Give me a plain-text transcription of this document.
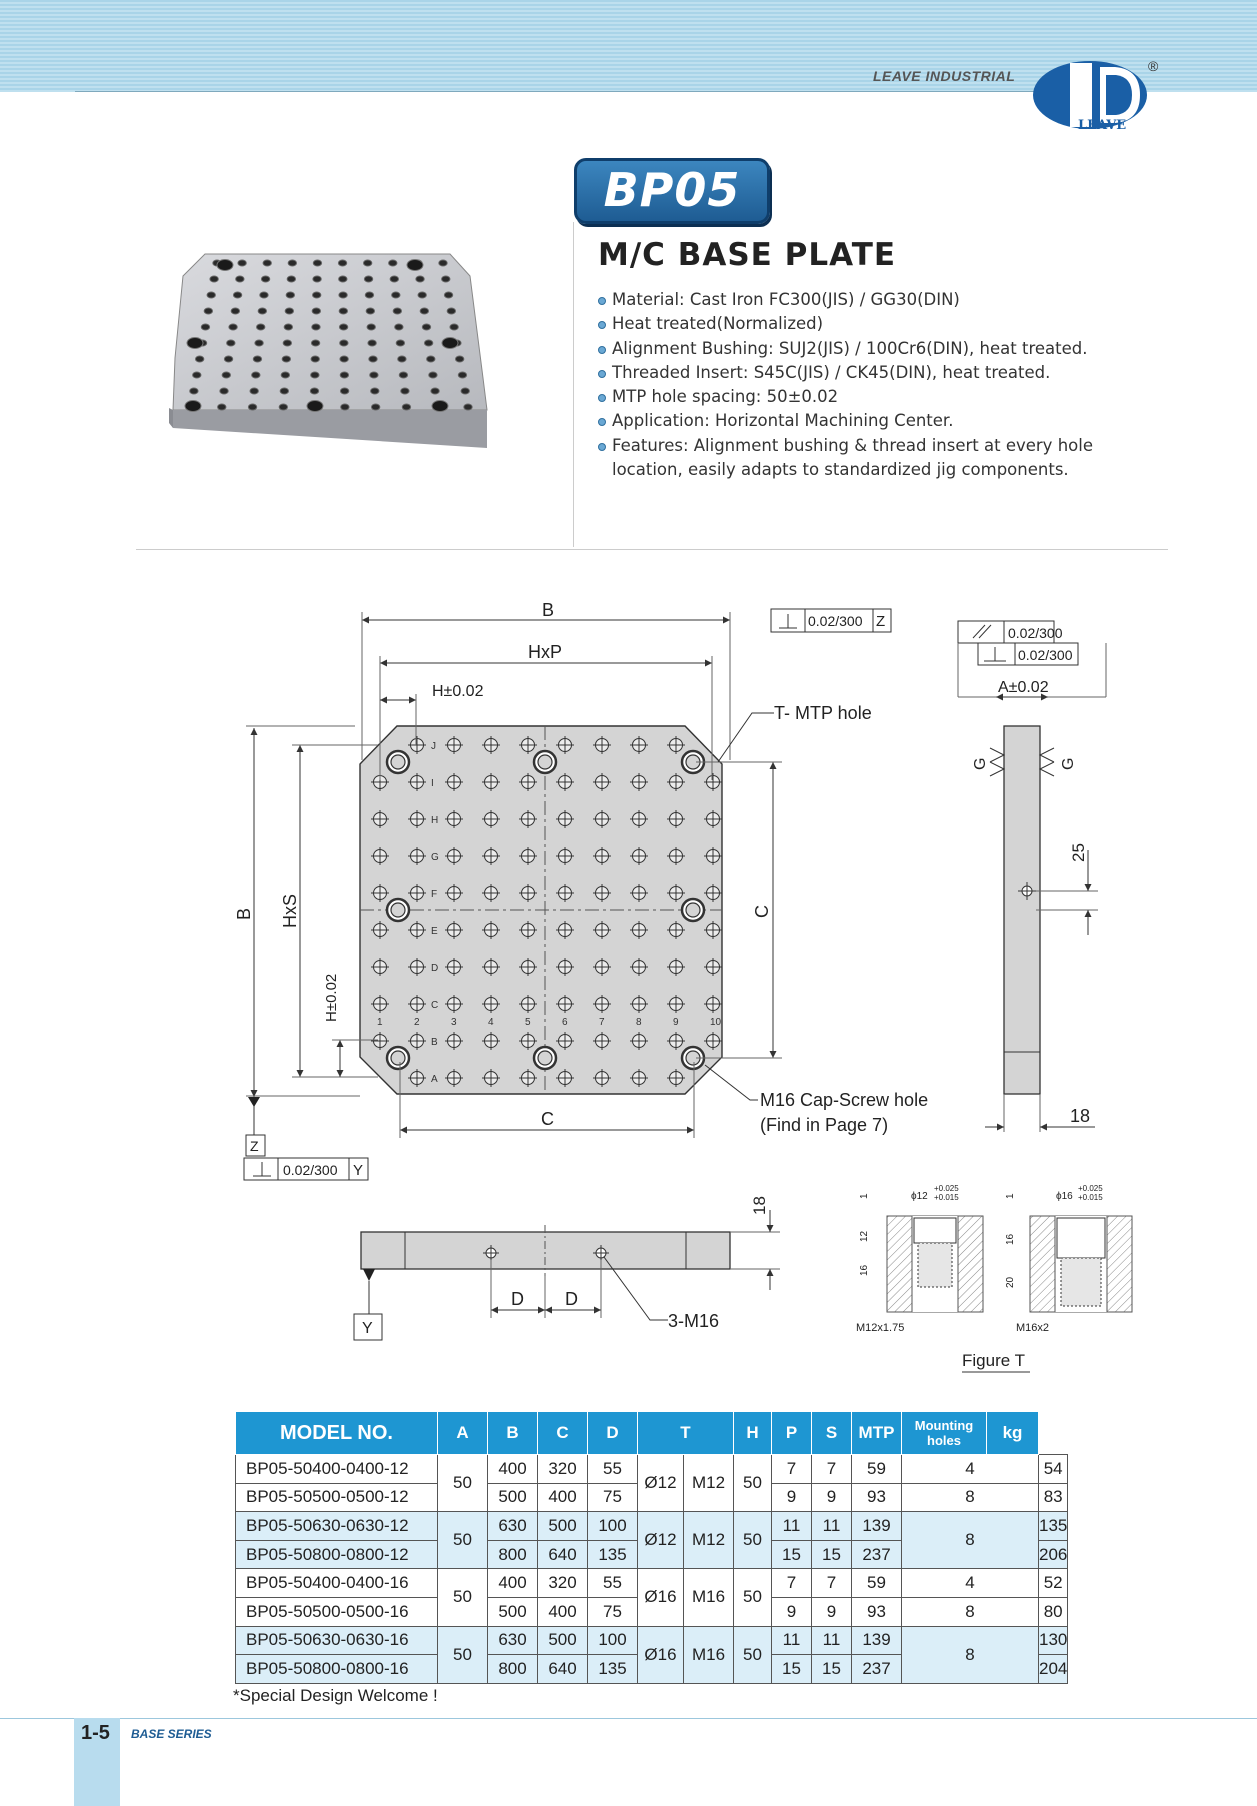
LEAVE INDUSTRIAL
LEAVE
®
BP05
M/C BASE PLATE
Material: Cast Iron FC300(JIS) / GG30(DIN)
Heat treated(Normalized)
Alignment Bushing: SUJ2(JIS) / 100Cr6(DIN), heat treated.
Threaded Insert: S45C(JIS) / CK45(DIN), heat treated.
MTP hole spacing: 50±0.02
Application: Horizontal Machining Center.
Features: Alignment bushing & thread insert at every hole
location, easily adapts to standardized jig components.
J
I
H
G
F
E
D
C
B
A
1	2	3	4	5	6	7	8	9	10
B
HxP
H±0.02
B HxS
H±0.02
C
C
T- MTP hole
M16 Cap-Screw hole
(Find in Page 7)
0.02/300 Z
Z
0.02/300 Y
0.02/300
0.02/300
A±0.02
G	G
25
18
Y
D D
3-M16
18	ϕ12
+0.025
+0.015
1
12
16
M12x1.75
ϕ16
+0.025
+0.015
1
16
20
M16x2
Figure T
MODEL NO.	A	B	C	D	T		H	P	S	MTP	Mounting holes	kg	
BP05-50400-0400-12	50	400	320	55	Ø12	M12	50	7	7	59	4		54
BP05-50500-0500-12		500	400	75				9	9	93	8		83
BP05-50630-0630-12	50	630	500	100	Ø12	M12	50	11	11	139	8		135
BP05-50800-0800-12		800	640	135				15	15	237			206
BP05-50400-0400-16	50	400	320	55	Ø16	M16	50	7	7	59	4		52
BP05-50500-0500-16		500	400	75				9	9	93	8		80
BP05-50630-0630-16	50	630	500	100	Ø16	M16	50	11	11	139	8		130
BP05-50800-0800-16		800	640	135				15	15	237			204
*Special Design Welcome !
1-5 BASE SERIES
